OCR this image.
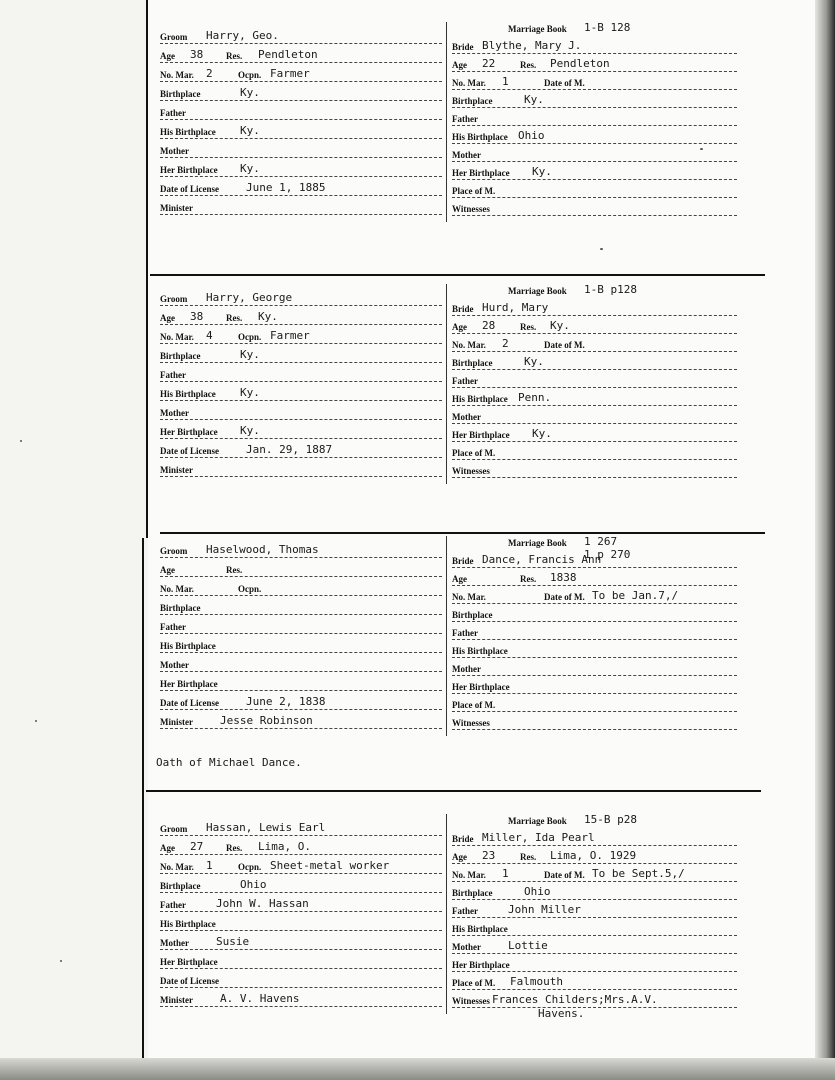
Groom Harry, Geo.
Age 38	Res. Pendleton
No. Mar. 2	Ocpn. Farmer
Birthplace	Ky.
Father
His Birthplace Ky.
Mother
Her Birthplace Ky.
Date of License June 1, 1885
Minister
Marriage Book 1-B 128
Bride Blythe, Mary J.
Age 22	Res. Pendleton
No. Mar. 1	Date of M.
Birthplace	Ky.
Father
His Birthplace Ohio
Mother
Her Birthplace Ky.
Place of M.
Witnesses
Groom Harry, George
Age 38	Res. Ky.
No. Mar. 4	Ocpn. Farmer
Birthplace	Ky.
Father
His Birthplace Ky.
Mother
Her Birthplace Ky.
Date of License Jan. 29, 1887
Minister
Marriage Book 1-B p128
Bride Hurd, Mary
Age 28	Res. Ky.
No. Mar. 2	Date of M.
Birthplace	Ky.
Father
His Birthplace Penn.
Mother
Her Birthplace Ky.
Place of M.
Witnesses
Groom Haselwood, Thomas
Age	Res.
No. Mar.	Ocpn.
Birthplace
Father
His Birthplace
Mother
Her Birthplace
Date of License June 2, 1838
Minister Jesse Robinson
Marriage Book 1 267
1 p 270
Bride Dance, Francis Ann
Age	Res. 1838
No. Mar.	Date of M. To be Jan.7,/
Birthplace
Father
His Birthplace
Mother
Her Birthplace
Place of M.
Witnesses
Oath of Michael Dance.
Groom Hassan, Lewis Earl
Age 27	Res. Lima, O.
No. Mar. 1	Ocpn. Sheet-metal worker
Birthplace	Ohio
Father	John W. Hassan
His Birthplace
Mother Susie
Her Birthplace
Date of License
Minister A. V. Havens
Marriage Book 15-B p28
Bride Miller, Ida Pearl
Age 23	Res. Lima, O. 1929
No. Mar. 1	Date of M. To be Sept.5,/
Birthplace	Ohio
Father	John Miller
His Birthplace
Mother Lottie
Her Birthplace
Place of M. Falmouth
Witnesses Frances Childers;Mrs.A.V.
Havens.
